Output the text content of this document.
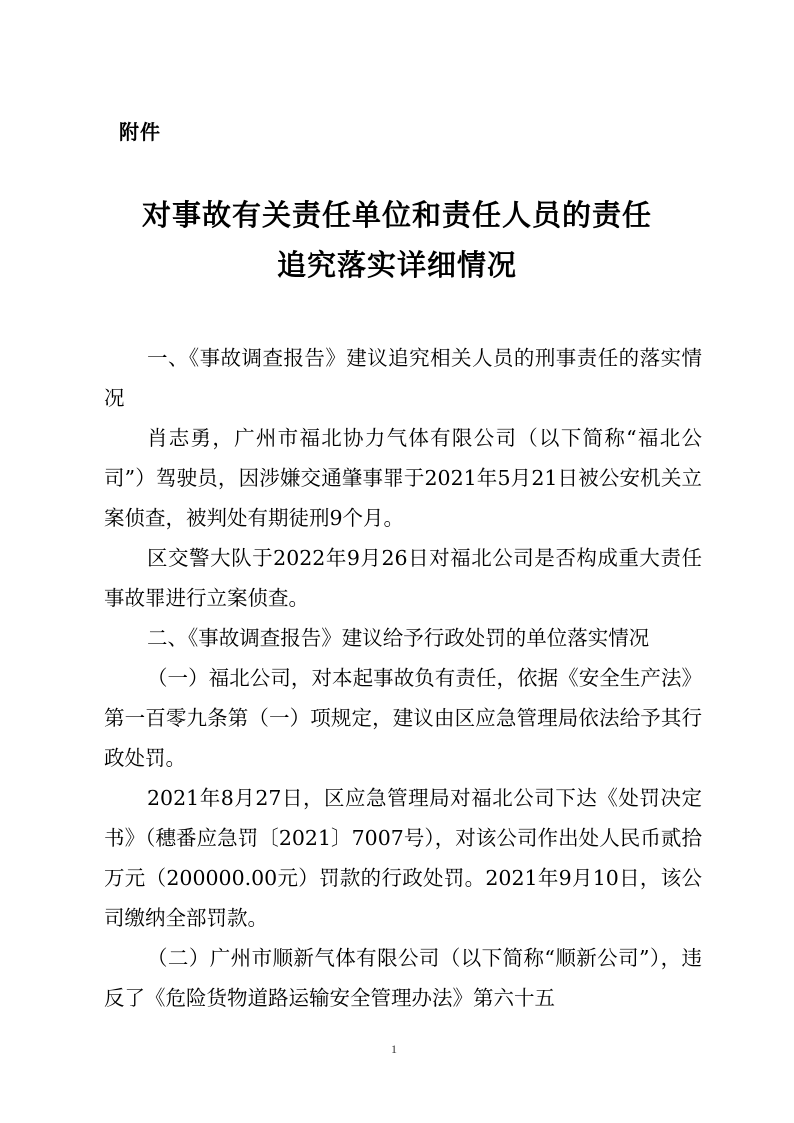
附件
对事故有关责任单位和责任人员的责任
追究落实详细情况

一、《事故调查报告》建议追究相关人员的刑事责任的落实情况

肖志勇，广州市福北协力气体有限公司（以下简称“福北公司”）驾驶员，因涉嫌交通肇事罪于2021年5月21日被公安机关立案侦查，被判处有期徒刑9个月。

区交警大队于2022年9月26日对福北公司是否构成重大责任事故罪进行立案侦查。

二、《事故调查报告》建议给予行政处罚的单位落实情况

（一）福北公司，对本起事故负有责任，依据《安全生产法》第一百零九条第（一）项规定，建议由区应急管理局依法给予其行政处罚。

2021年8月27日，区应急管理局对福北公司下达《处罚决定书》（穗番应急罚〔2021〕7007号），对该公司作出处人民币贰拾万元（200000.00元）罚款的行政处罚。2021年9月10日，该公司缴纳全部罚款。

（二）广州市顺新气体有限公司（以下简称“顺新公司”），违反了《危险货物道路运输安全管理办法》第六十五

1
